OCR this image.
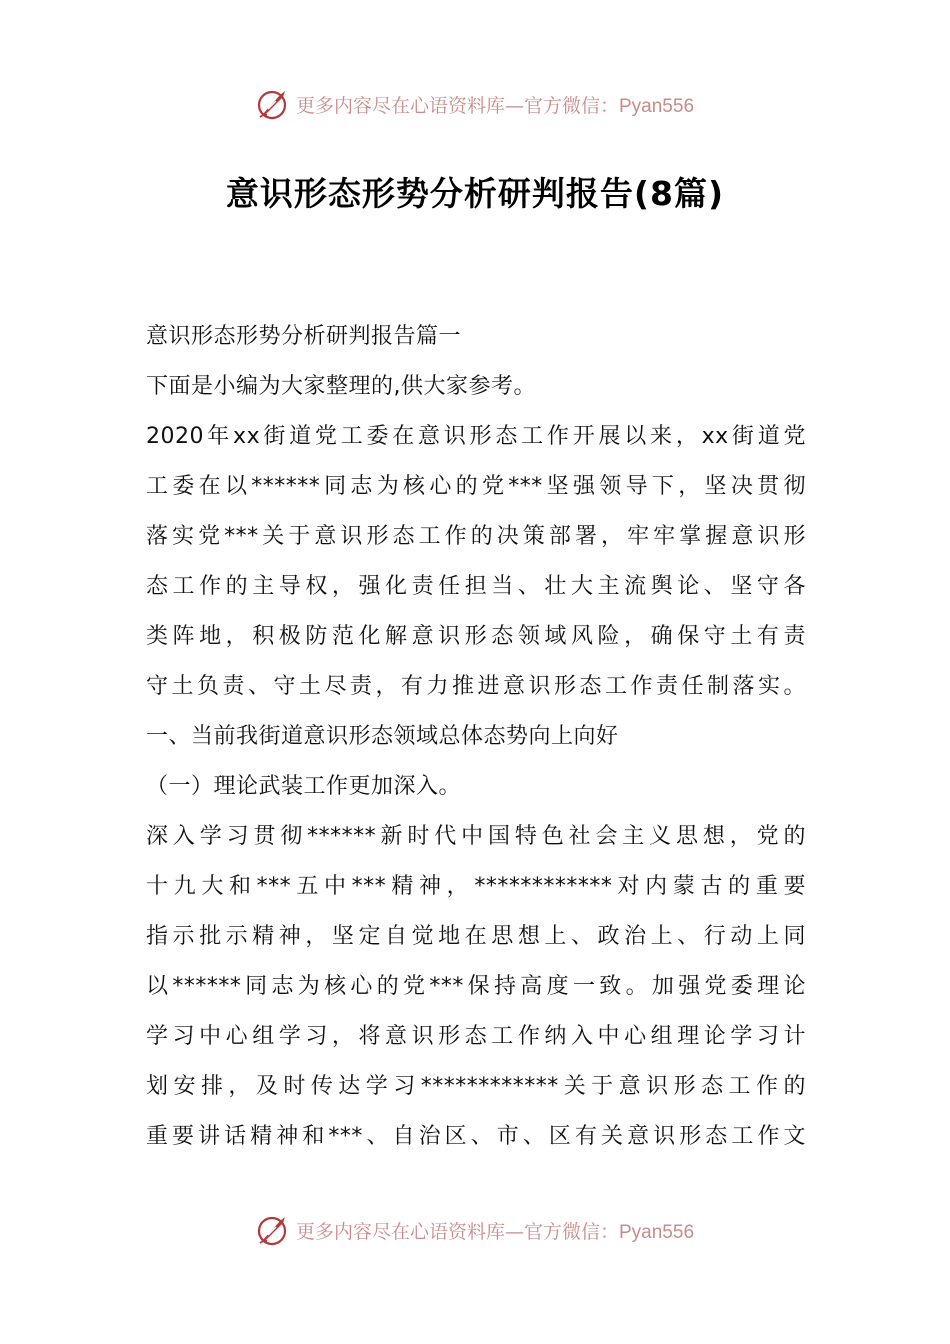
更多内容尽在心语资料库—官方微信：Pyan556
意识形态形势分析研判报告(8篇)
意识形态形势分析研判报告篇一
下面是小编为大家整理的,供大家参考。
2020年xx街道党工委在意识形态工作开展以来，xx街道党
工委在以******同志为核心的党***坚强领导下，坚决贯彻
落实党***关于意识形态工作的决策部署，牢牢掌握意识形
态工作的主导权，强化责任担当、壮大主流舆论、坚守各
类阵地，积极防范化解意识形态领域风险，确保守土有责
守土负责、守土尽责，有力推进意识形态工作责任制落实。
一、当前我街道意识形态领域总体态势向上向好
（一）理论武装工作更加深入。
深入学习贯彻******新时代中国特色社会主义思想，党的
十九大和***五中***精神，************对内蒙古的重要
指示批示精神，坚定自觉地在思想上、政治上、行动上同
以******同志为核心的党***保持高度一致。加强党委理论
学习中心组学习，将意识形态工作纳入中心组理论学习计
划安排，及时传达学习************关于意识形态工作的
重要讲话精神和***、自治区、市、区有关意识形态工作文
更多内容尽在心语资料库—官方微信：Pyan556
